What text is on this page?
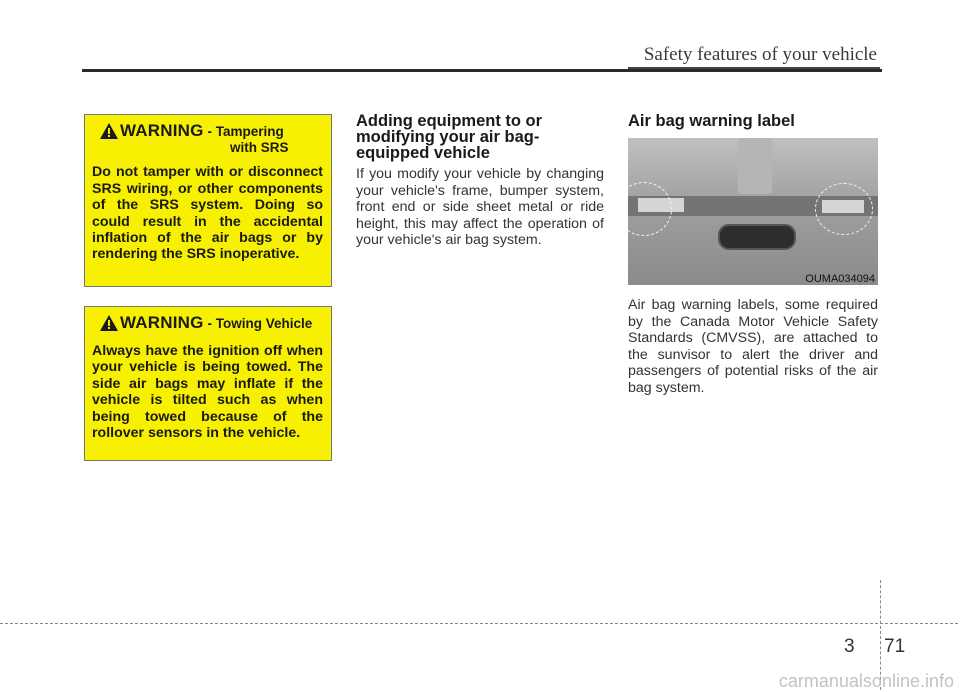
Safety features of your vehicle
WARNING - Tampering
with SRS
Do not tamper with or disconnect SRS wiring, or other components of the SRS system. Doing so could result in the accidental inflation of the air bags or by rendering the SRS inoperative.
WARNING - Towing Vehicle
Always have the ignition off when your vehicle is being towed. The side air bags may inflate if the vehicle is tilted such as when being towed because of the rollover sensors in the vehicle.
Adding equipment to or modifying your air bag-equipped vehicle
If you modify your vehicle by changing your vehicle's frame, bumper system, front end or side sheet metal or ride height, this may affect the operation of your vehicle's air bag system.
Air bag warning label
OUMA034094
Air bag warning labels, some required by the Canada Motor Vehicle Safety Standards (CMVSS), are attached to the sunvisor to alert the driver and passengers of potential risks of the air bag system.
3 71
carmanualsonline.info
